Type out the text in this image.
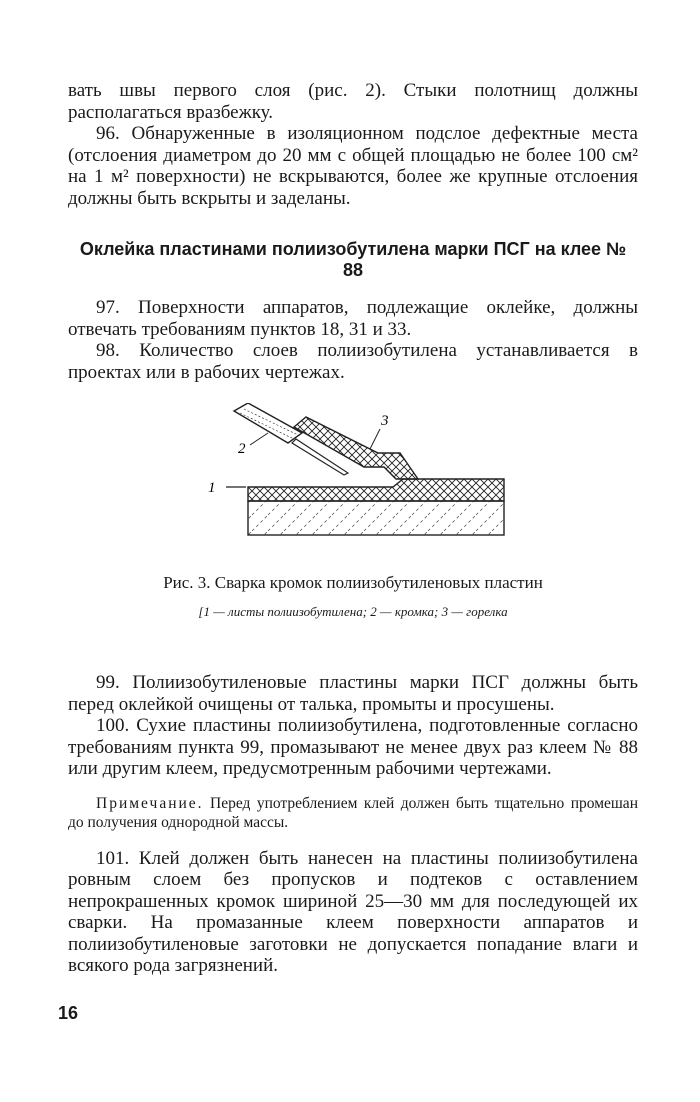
вать швы первого слоя (рис. 2). Стыки полотнищ должны располагаться вразбежку.

96. Обнаруженные в изоляционном подслое дефектные места (отслоения диаметром до 20 мм с общей площадью не более 100 см² на 1 м² поверхности) не вскрываются, более же крупные отслоения должны быть вскрыты и заделаны.

Оклейка пластинами полиизобутилена марки ПСГ на клее № 88

97. Поверхности аппаратов, подлежащие оклейке, должны отвечать требованиям пунктов 18, 31 и 33.

98. Количество слоев полиизобутилена устанавливается в проектах или в рабочих чертежах.

1
2
3
Рис. 3. Сварка кромок полиизобутиленовых пластин
[1 — листы полиизобутилена; 2 — кромка; 3 — горелка

99. Полиизобутиленовые пластины марки ПСГ должны быть перед оклейкой очищены от талька, промыты и просушены.

100. Сухие пластины полиизобутилена, подготовленные согласно требованиям пункта 99, промазывают не менее двух раз клеем № 88 или другим клеем, предусмотренным рабочими чертежами.

Примечание. Перед употреблением клей должен быть тщательно промешан до получения однородной массы.

101. Клей должен быть нанесен на пластины полиизобутилена ровным слоем без пропусков и подтеков с оставлением непрокрашенных кромок шириной 25—30 мм для последующей их сварки. На промазанные клеем поверхности аппаратов и полиизобутиленовые заготовки не допускается попадание влаги и всякого рода загрязнений.

16
